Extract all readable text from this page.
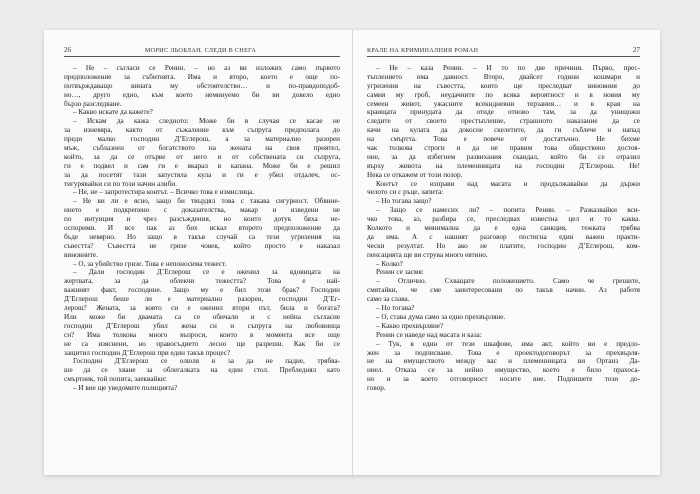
26	МОРИС ЛЬОБЛАН. СЛЕДИ В СНЕГА
– Не – съгласи се Ренин. – но аз ви изложих само първото
предположение за събитията. Има и второ, което е още по-
потвърждаващо вината му обстоятелство… и по-правдоподоб-
но…, друго едно, към което неминуемо би ви довело едно
бързо разследване.
– Какво искате да кажете?
– Искам да кажа следното: Може би в случая се касае не
за изневяра, както от съжаление към съпруга предполага до
преди малко господин Д’Еглерош, а за материално разорен
мъж, съблазнен от богатството на жената на своя приятел,
който, за да се отърве от него и от собствената си съпруга,
ги е подвел и сам ги е вкарал в капана. Може би е решил
за да посетят тази запустяла кула и ги е убил отдалеч, ос-
тигурявайки си по този начин алиби.
– Не, не – запротестира контът. – Всичко това е измислица.
– Не ви ли е ясно, защо би твърдял това с такава сигурност. Обвине-
нието е подкрепено с доказателства, макар и изведени не
по интуиция и чрез разсъждения, но които дотук бяха не-
оспорими. И все пак аз бих искал второто предположение да
бъде невярно. Но защо в такъв случай са тези угризения на
съвестта? Съвестта не гризе човек, който просто е наказал
виновните.
– О, за убийство гризе. Това е непоносима тежест.
– Дали господин Д’Еглерош се е оженил за вдовицата на
жертвата, за да облекчи тежестта? Това е най-
важният факт, господине. Защо му е бил този брак? Господин
Д’Еглерош беше ли е материално разорен, господин Д’Ег-
лерош? Жената, за която си е оженил втори път, била и богата?
Или може би двамата са се обичали и с нейна съгласие
господин Д’Еглерош убил жена си и съпруга на любовница
си? Има толкова много въпроси, които в момента все още
не са изяснени, но правосъдието лесно ще разреши. Как би се
защитил господин Д’Еглерош при един такъв процес?
Господин Д’Еглерош се олюля и за да не падне, трябва-
ше да се хване за облегалката на един стол. Пребледнял като
смъртник, той попита, заеквайки:
– И вие ще уведомите полицията?
КРАЛЕ НА КРИМИНАЛНИЯ РОМАН	27
– Не – каза Ренин. – И то по две причини. Първо, прес-
тъплението има давност. Второ, двайсет години кошмари и
угризения на съвестта, които ще преследват виновния до
самия му гроб, неудачните по всяка вероятност и в новия му
семеен живот, ужасните всекидневни терзания… и в края на
краищата принудата да отиде отново там, за да унищожи
следите от своето престъпление, страшното наказание да се
качи на кулата да докосне скелетите, да ги съблече и напад
на смъртта. Това е повече от достатъчно. Не бихме
чак толкова строги и да не правим това обществено достоя-
ние, за да избегнем развихания скандал, който би се отразил
върху живота на племенницата на господин Д’Еглерош. Не!
Нека се откажем от този позор.
Контът се изправи над масата и продължавайки да държи
челото си с ръце, запита:
– Но тогава защо?
– Защо се намесих ли? – попита Ренин. – Разказвайки вси-
чко това, аз, разбира се, преследвах известна цел и то каква.
Колкото и минимална да е една санкция, тежката трябва
да има. А с нашият разговор постигна един важен практи-
чески резултат. Но ако не платите, господин Д’Еглерош, ком-
пенсацията ще ви струва много евтино.
– Колко?
Ренин се засмя:
– Отлично. Схващате положението. Само че грешите,
смятайки, че сме заинтересовани по такъв начин. Аз работя
само за слава.
– Но тогава?
– О, става дума само за едно прехвърляне.
– Какво прехвърляне?
Ренин се наведе над масата и каза:
– Тук, в един от тези шкафове, има акт, който ви е предло-
жен за подписване. Това е проектодоговорът за прехвърля-
не на имуществото между вас и племенницата ви Ортанз Да-
ниел. Отказа се за нейно имущество, което е било прахоса-
но и за което отговорност носите вие. Подпишете този до-
говор.
